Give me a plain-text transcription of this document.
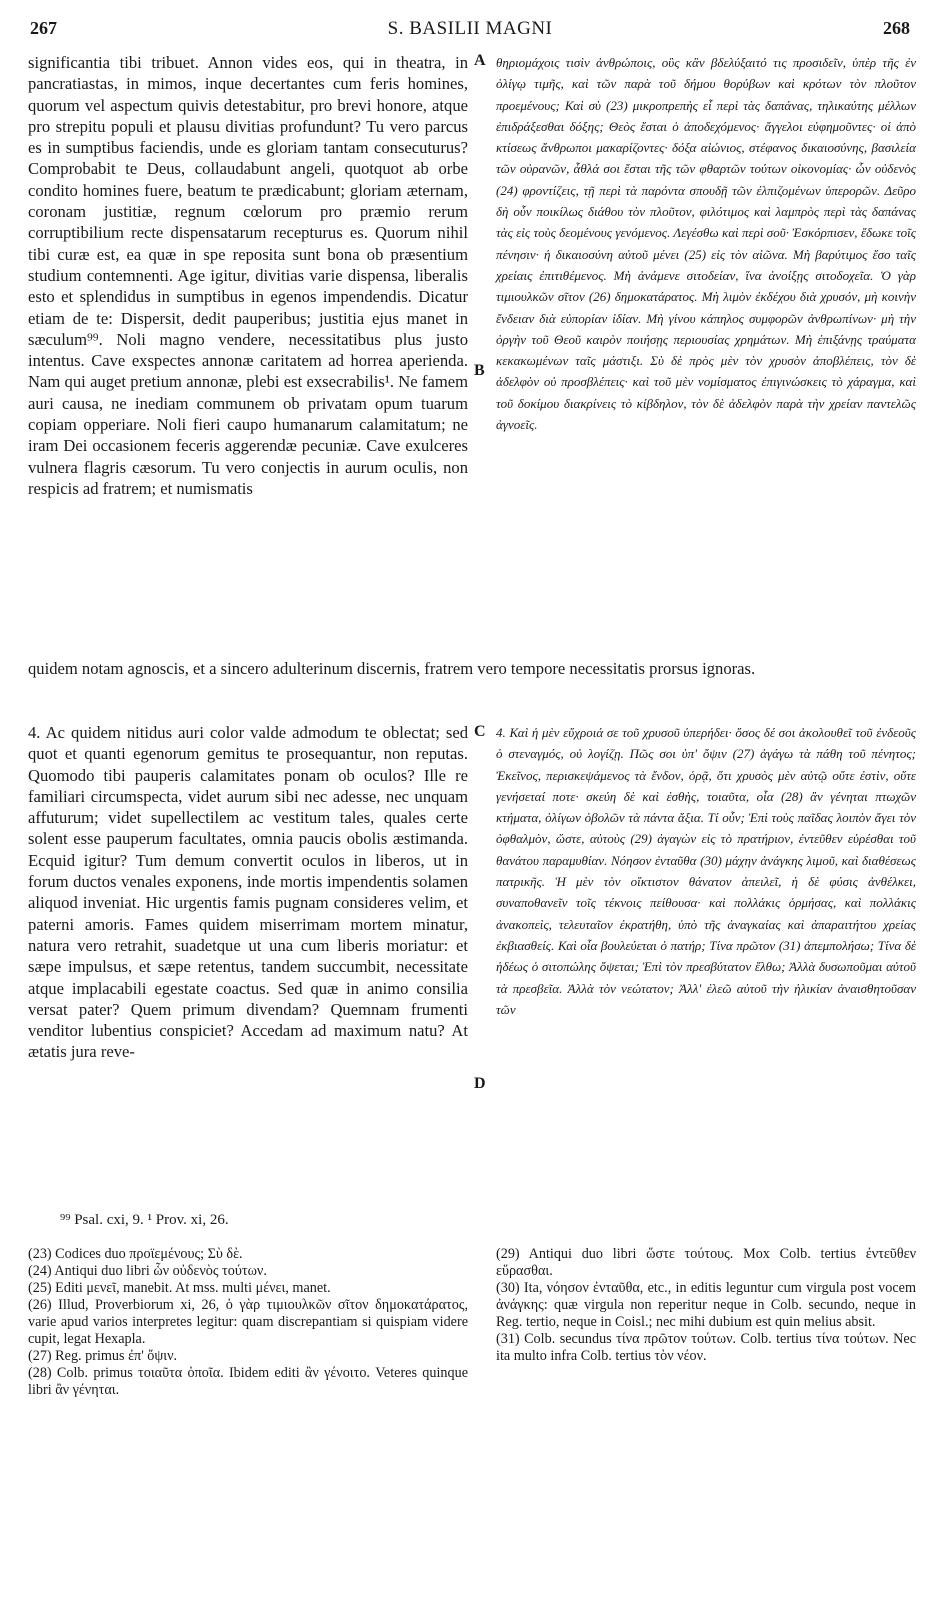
267	S. BASILII MAGNI	268

significantia tibi tribuet. Annon vides eos, qui in theatra, in pancratiastas, in mimos, inque decertantes cum feris homines, quorum vel aspectum quivis detestabitur, pro brevi honore, atque pro strepitu populi et plausu divitias profundunt? Tu vero parcus es in sumptibus faciendis, unde es gloriam tantam consecuturus? Comprobabit te Deus, collaudabunt angeli, quotquot ab orbe condito homines fuere, beatum te prædicabunt; gloriam æternam, coronam justitiæ, regnum cœlorum pro præmio rerum corruptibilium recte dispensatarum recepturus es. Quorum nihil tibi curæ est, ea quæ in spe reposita sunt bona ob præsentium studium contemnenti. Age igitur, divitias varie dispensa, liberalis esto et splendidus in sumptibus in egenos impendendis. Dicatur etiam de te: Dispersit, dedit pauperibus; justitia ejus manet in sæculum⁹⁹. Noli magno vendere, necessitatibus plus justo intentus. Cave exspectes annonæ caritatem ad horrea aperienda. Nam qui auget pretium annonæ, plebi est exsecrabilis¹. Ne famem auri causa, ne inediam communem ob privatam opum tuarum copiam opperiare. Noli fieri caupo humanarum calamitatum; ne iram Dei occasionem feceris aggerendæ pecuniæ. Cave exulceres vulnera flagris cæsorum. Tu vero conjectis in aurum oculis, non respicis ad fratrem; et numismatis

θηριομάχοις τισὶν ἀνθρώποις, οὓς κἂν βδελύξαιτό τις προσιδεῖν, ὑπὲρ τῆς ἐν ὀλίγῳ τιμῆς, καὶ τῶν παρὰ τοῦ δήμου θορύβων καὶ κρότων τὸν πλοῦτον προεμένους; Καὶ σὺ (23) μικροπρεπὴς εἶ περὶ τὰς δαπάνας, τηλικαύτης μέλλων ἐπιδράξεσθαι δόξης; Θεὸς ἔσται ὁ ἀποδεχόμενος· ἄγγελοι εὐφημοῦντες· οἱ ἀπὸ κτίσεως ἄνθρωποι μακαρίζοντες· δόξα αἰώνιος, στέφανος δικαιοσύνης, βασιλεία τῶν οὐρανῶν, ἆθλά σοι ἔσται τῆς τῶν φθαρτῶν τούτων οἰκονομίας· ὧν οὐδενὸς (24) φροντίζεις, τῇ περὶ τὰ παρόντα σπουδῇ τῶν ἐλπιζομένων ὑπερορῶν. Δεῦρο δὴ οὖν ποικίλως διάθου τὸν πλοῦτον, φιλότιμος καὶ λαμπρὸς περὶ τὰς δαπάνας τὰς εἰς τοὺς δεομένους γενόμενος. Λεγέσθω καὶ περὶ σοῦ· Ἐσκόρπισεν, ἔδωκε τοῖς πένησιν· ἡ δικαιοσύνη αὐτοῦ μένει (25) εἰς τὸν αἰῶνα. Μὴ βαρύτιμος ἔσο ταῖς χρείαις ἐπιτιθέμενος. Μὴ ἀνάμενε σιτοδείαν, ἵνα ἀνοίξῃς σιτοδοχεῖα. Ὁ γὰρ τιμιουλκῶν σῖτον (26) δημοκατάρατος. Μὴ λιμὸν ἐκδέχου διὰ χρυσόν, μὴ κοινὴν ἔνδειαν διὰ εὐπορίαν ἰδίαν. Μὴ γίνου κάπηλος συμφορῶν ἀνθρωπίνων· μὴ τὴν ὀργὴν τοῦ Θεοῦ καιρὸν ποιήσῃς περιουσίας χρημάτων. Μὴ ἐπιξάνῃς τραύματα κεκακωμένων ταῖς μάστιξι. Σὺ δὲ πρὸς μὲν τὸν χρυσὸν ἀποβλέπεις, τὸν δὲ ἀδελφὸν οὐ προσβλέπεις· καὶ τοῦ μὲν νομίσματος ἐπιγινώσκεις τὸ χάραγμα, καὶ τοῦ δοκίμου διακρίνεις τὸ κίβδηλον, τὸν δὲ ἀδελφὸν παρὰ τὴν χρείαν παντελῶς ἀγνοεῖς.

quidem notam agnoscis, et a sincero adulterinum discernis, fratrem vero tempore necessitatis prorsus ignoras.

4. Ac quidem nitidus auri color valde admodum te oblectat; sed quot et quanti egenorum gemitus te prosequantur, non reputas. Quomodo tibi pauperis calamitates ponam ob oculos? Ille re familiari circumspecta, videt aurum sibi nec adesse, nec unquam affuturum; videt supellectilem ac vestitum tales, quales certe solent esse pauperum facultates, omnia paucis obolis æstimanda. Ecquid igitur? Tum demum convertit oculos in liberos, ut in forum ductos venales exponens, inde mortis impendentis solamen aliquod inveniat. Hic urgentis famis pugnam consideres velim, et paterni amoris. Fames quidem miserrimam mortem minatur, natura vero retrahit, suadetque ut una cum liberis moriatur: et sæpe impulsus, et sæpe retentus, tandem succumbit, necessitate atque implacabili egestate coactus. Sed quæ in animo consilia versat pater? Quem primum divendam? Quemnam frumenti venditor lubentius conspiciet? Accedam ad maximum natu? At ætatis jura reve-

4. Καὶ ἡ μὲν εὔχροιά σε τοῦ χρυσοῦ ὑπερήδει· ὅσος δέ σοι ἀκολουθεῖ τοῦ ἐνδεοῦς ὁ στεναγμός, οὐ λογίζῃ. Πῶς σοι ὑπ' ὄψιν (27) ἀγάγω τὰ πάθη τοῦ πένητος; Ἐκεῖνος, περισκεψάμενος τὰ ἔνδον, ὁρᾷ, ὅτι χρυσὸς μὲν αὐτῷ οὔτε ἐστὶν, οὔτε γενήσεταί ποτε· σκεύη δὲ καὶ ἐσθὴς, τοιαῦτα, οἷα (28) ἂν γένηται πτωχῶν κτήματα, ὀλίγων ὀβολῶν τὰ πάντα ἄξια. Τί οὖν; Ἐπὶ τοὺς παῖδας λοιπὸν ἄγει τὸν ὀφθαλμὸν, ὥστε, αὐτοὺς (29) ἀγαγὼν εἰς τὸ πρατήριον, ἐντεῦθεν εὑρέσθαι τοῦ θανάτου παραμυθίαν. Νόησον ἐνταῦθα (30) μάχην ἀνάγκης λιμοῦ, καὶ διαθέσεως πατρικῆς. Ἡ μὲν τὸν οἴκτιστον θάνατον ἀπειλεῖ, ἡ δὲ φύσις ἀνθέλκει, συναποθανεῖν τοῖς τέκνοις πείθουσα· καὶ πολλάκις ὁρμήσας, καὶ πολλάκις ἀνακοπεὶς, τελευταῖον ἐκρατήθη, ὑπὸ τῆς ἀναγκαίας καὶ ἀπαραιτήτου χρείας ἐκβιασθείς. Καὶ οἷα βουλεύεται ὁ πατήρ; Τίνα πρῶτον (31) ἀπεμπολήσω; Τίνα δὲ ἡδέως ὁ σιτοπώλης ὄψεται; Ἐπὶ τὸν πρεσβύτατον ἔλθω; Ἀλλὰ δυσωποῦμαι αὐτοῦ τὰ πρεσβεῖα. Ἀλλὰ τὸν νεώτατον; Ἀλλ' ἐλεῶ αὐτοῦ τὴν ἡλικίαν ἀναισθητοῦσαν τῶν

A
B
C
D
⁹⁹ Psal. cxi, 9. ¹ Prov. xi, 26.

(23) Codices duo προϊεμένους; Σὺ δὲ.

(24) Antiqui duo libri ὧν οὐδενὸς τούτων.

(25) Editi μενεῖ, manebit. At mss. multi μένει, manet.

(26) Illud, Proverbiorum xi, 26, ὁ γὰρ τιμιουλκῶν σῖτον δημοκατάρατος, varie apud varios interpretes legitur: quam discrepantiam si quispiam videre cupit, legat Hexapla.

(27) Reg. primus ἐπ' ὄψιν.

(28) Colb. primus τοιαῦτα ὁποῖα. Ibidem editi ἂν γένοιτο. Veteres quinque libri ἂν γένηται.

(29) Antiqui duo libri ὥστε τούτους. Mox Colb. tertius ἐντεῦθεν εὕρασθαι.

(30) Ita, νόησον ἐνταῦθα, etc., in editis leguntur cum virgula post vocem ἀνάγκης: quæ virgula non reperitur neque in Colb. secundo, neque in Reg. tertio, neque in Coisl.; nec mihi dubium est quin melius absit.

(31) Colb. secundus τίνα πρῶτον τούτων. Colb. tertius τίνα τούτων. Nec ita multo infra Colb. tertius τὸν νέον.
